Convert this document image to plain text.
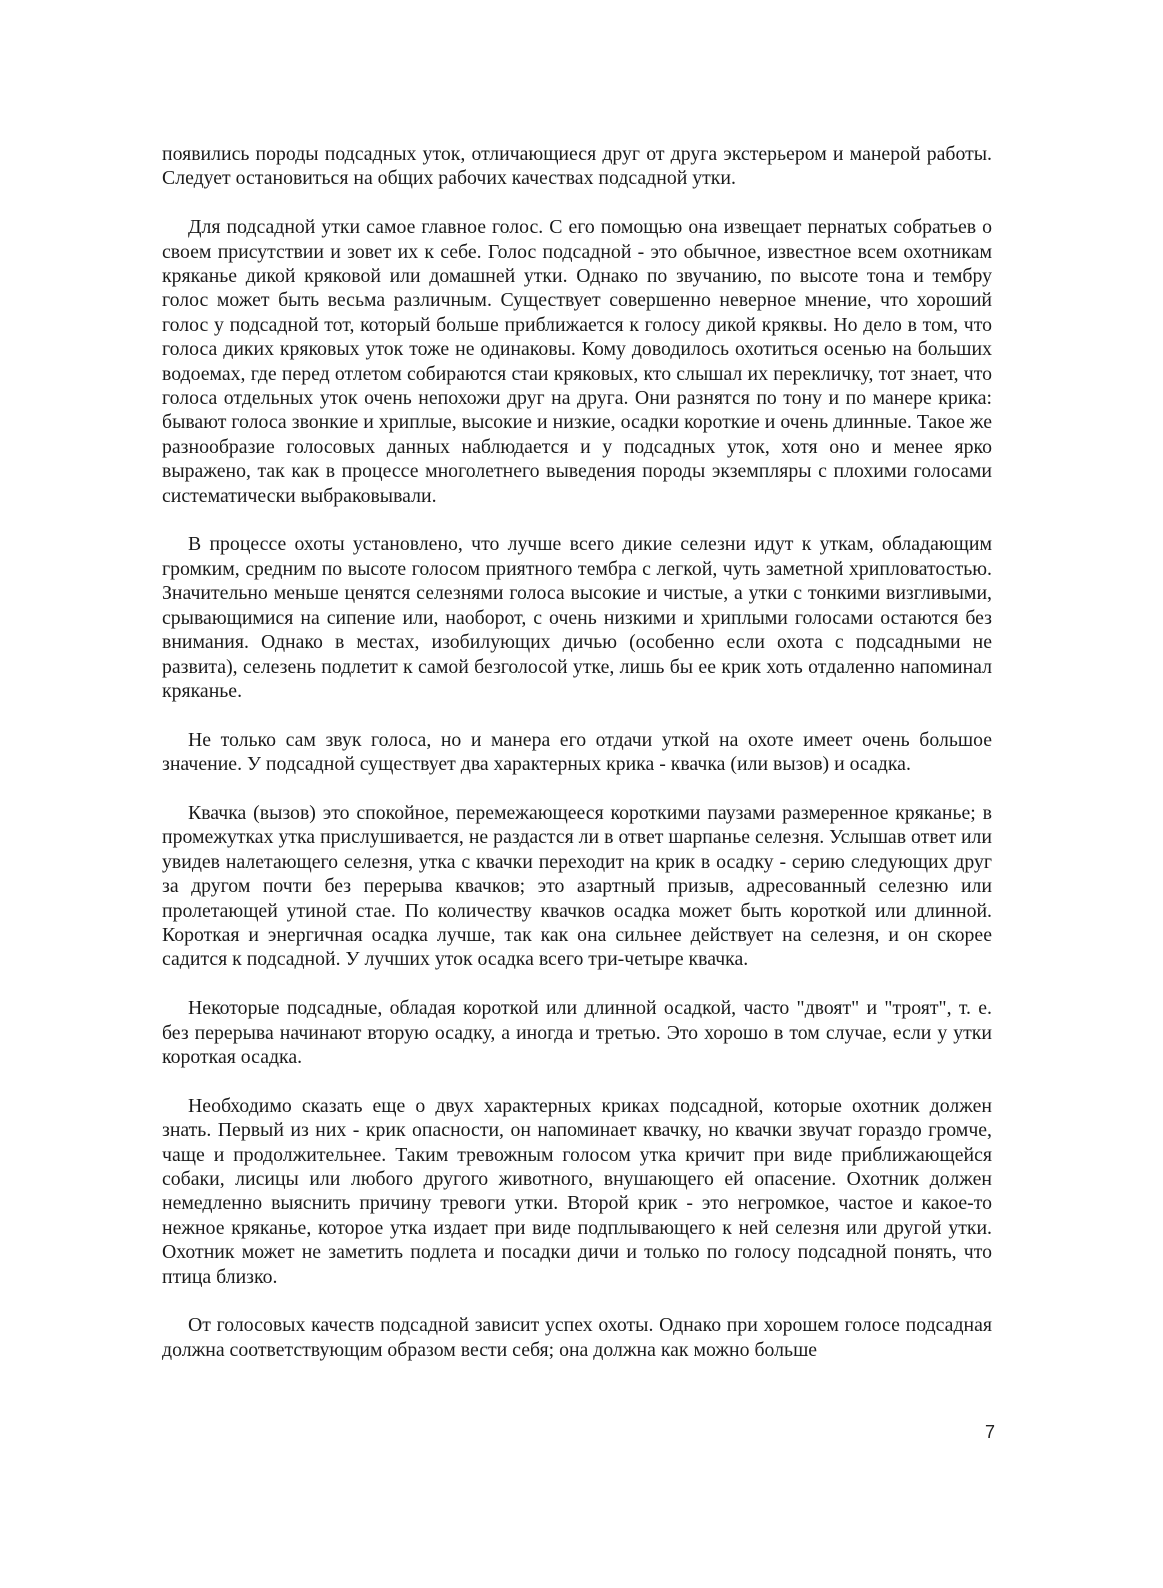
появились породы подсадных уток, отличающиеся друг от друга экстерьером и манерой работы. Следует остановиться на общих рабочих качествах подсадной утки.

Для подсадной утки самое главное голос. С его помощью она извещает пернатых собратьев о своем присутствии и зовет их к себе. Голос подсадной - это обычное, известное всем охотникам кряканье дикой кряковой или домашней утки. Однако по звучанию, по высоте тона и тембру голос может быть весьма различным. Существует совершенно неверное мнение, что хороший голос у подсадной тот, который больше приближается к голосу дикой кряквы. Но дело в том, что голоса диких кряковых уток тоже не одинаковы. Кому доводилось охотиться осенью на больших водоемах, где перед отлетом собираются стаи кряковых, кто слышал их перекличку, тот знает, что голоса отдельных уток очень непохожи друг на друга. Они разнятся по тону и по манере крика: бывают голоса звонкие и хриплые, высокие и низкие, осадки короткие и очень длинные. Такое же разнообразие голосовых данных наблюдается и у подсадных уток, хотя оно и менее ярко выражено, так как в процессе многолетнего выведения породы экземпляры с плохими голосами систематически выбраковывали.

В процессе охоты установлено, что лучше всего дикие селезни идут к уткам, обладающим громким, средним по высоте голосом приятного тембра с легкой, чуть заметной хрипловатостью. Значительно меньше ценятся селезнями голоса высокие и чистые, а утки с тонкими визгливыми, срывающимися на сипение или, наоборот, с очень низкими и хриплыми голосами остаются без внимания. Однако в местах, изобилующих дичью (особенно если охота с подсадными не развита), селезень подлетит к самой безголосой утке, лишь бы ее крик хоть отдаленно напоминал кряканье.

Не только сам звук голоса, но и манера его отдачи уткой на охоте имеет очень большое значение. У подсадной существует два характерных крика - квачка (или вызов) и осадка.

Квачка (вызов) это спокойное, перемежающееся короткими паузами размеренное кряканье; в промежутках утка прислушивается, не раздастся ли в ответ шарпанье селезня. Услышав ответ или увидев налетающего селезня, утка с квачки переходит на крик в осадку - серию следующих друг за другом почти без перерыва квачков; это азартный призыв, адресованный селезню или пролетающей утиной стае. По количеству квачков осадка может быть короткой или длинной. Короткая и энергичная осадка лучше, так как она сильнее действует на селезня, и он скорее садится к подсадной. У лучших уток осадка всего три-четыре квачка.

Некоторые подсадные, обладая короткой или длинной осадкой, часто "двоят" и "троят", т. е. без перерыва начинают вторую осадку, а иногда и третью. Это хорошо в том случае, если у утки короткая осадка.

Необходимо сказать еще о двух характерных криках подсадной, которые охотник должен знать. Первый из них - крик опасности, он напоминает квачку, но квачки звучат гораздо громче, чаще и продолжительнее. Таким тревожным голосом утка кричит при виде приближающейся собаки, лисицы или любого другого животного, внушающего ей опасение. Охотник должен немедленно выяснить причину тревоги утки. Второй крик - это негромкое, частое и какое-то нежное кряканье, которое утка издает при виде подплывающего к ней селезня или другой утки. Охотник может не заметить подлета и посадки дичи и только по голосу подсадной понять, что птица близко.

От голосовых качеств подсадной зависит успех охоты. Однако при хорошем голосе подсадная должна соответствующим образом вести себя; она должна как можно больше

7
